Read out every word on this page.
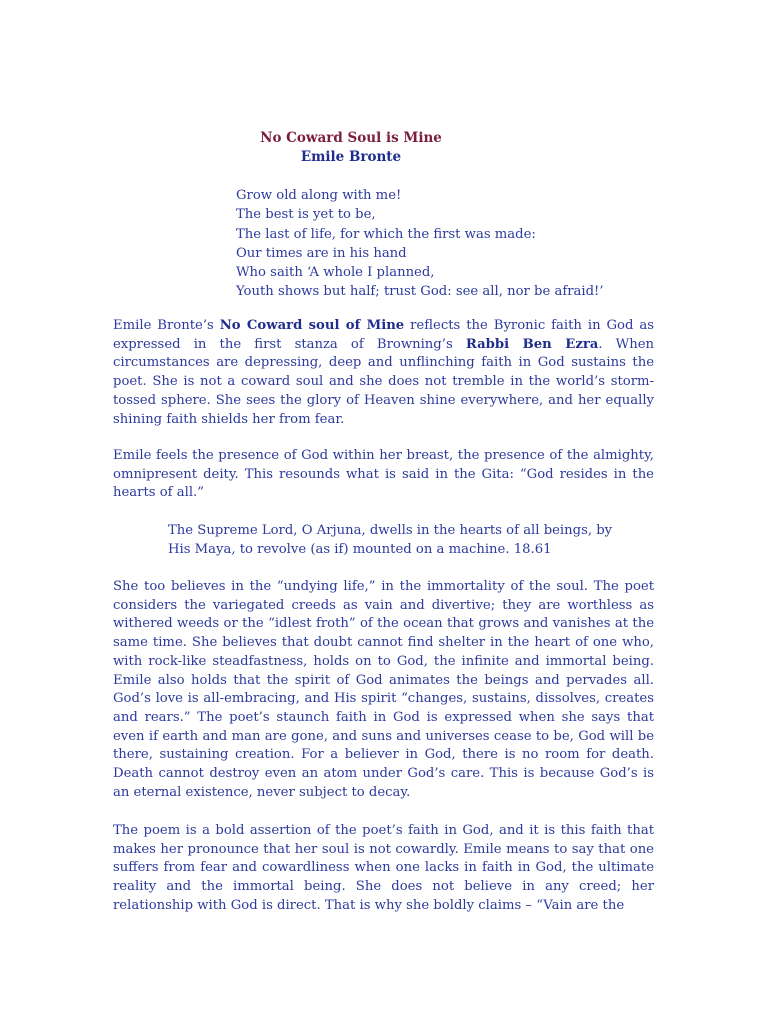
No Coward Soul is Mine
Emile Bronte
Grow old along with me!
The best is yet to be,
The last of life, for which the first was made:
Our times are in his hand
Who saith ‘A whole I planned,
Youth shows but half; trust God: see all, nor be afraid!’

Emile Bronte’s No Coward soul of Mine reflects the Byronic faith in God as expressed in the first stanza of Browning’s Rabbi Ben Ezra. When circumstances are depressing, deep and unflinching faith in God sustains the poet. She is not a coward soul and she does not tremble in the world’s storm-tossed sphere. She sees the glory of Heaven shine everywhere, and her equally shining faith shields her from fear.

Emile feels the presence of God within her breast, the presence of the almighty, omnipresent deity. This resounds what is said in the Gita: “God resides in the hearts of all.”

The Supreme Lord, O Arjuna, dwells in the hearts of all beings, by
His Maya, to revolve (as if) mounted on a machine. 18.61

She too believes in the “undying life,” in the immortality of the soul. The poet considers the variegated creeds as vain and divertive; they are worthless as withered weeds or the “idlest froth” of the ocean that grows and vanishes at the same time. She believes that doubt cannot find shelter in the heart of one who, with rock-like steadfastness, holds on to God, the infinite and immortal being. Emile also holds that the spirit of God animates the beings and pervades all. God’s love is all-embracing, and His spirit “changes, sustains, dissolves, creates and rears.” The poet’s staunch faith in God is expressed when she says that even if earth and man are gone, and suns and universes cease to be, God will be there, sustaining creation. For a believer in God, there is no room for death. Death cannot destroy even an atom under God’s care. This is because God’s is an eternal existence, never subject to decay.

The poem is a bold assertion of the poet’s faith in God, and it is this faith that makes her pronounce that her soul is not cowardly. Emile means to say that one suffers from fear and cowardliness when one lacks in faith in God, the ultimate reality and the immortal being. She does not believe in any creed; her relationship with God is direct. That is why she boldly claims – “Vain are the
